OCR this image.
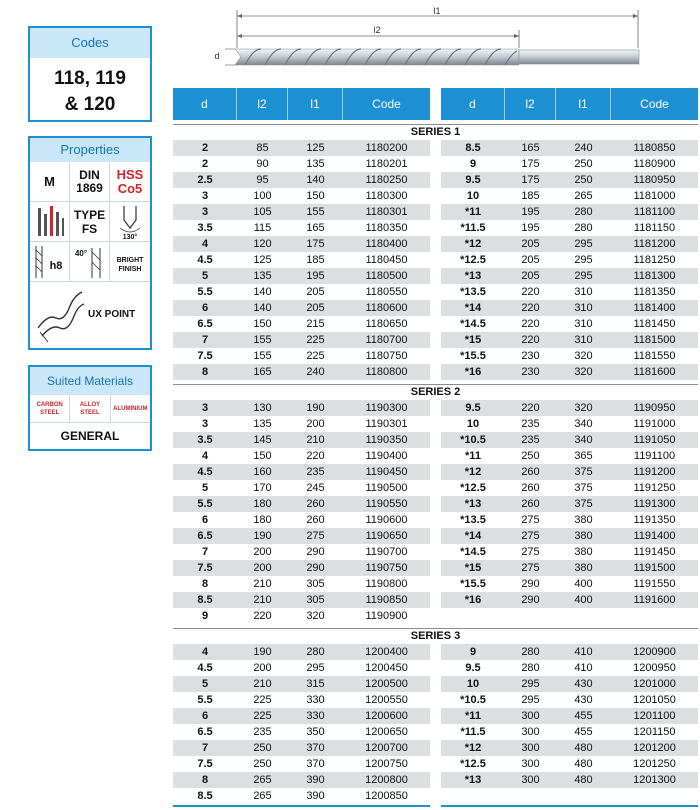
Codes
118, 119
& 120
Properties
M	DIN
1869
HSS
Co5
TYPE
FS
130°
h8
40°
BRIGHT
FINISH
UX POINT
Suited Materials
CARBON
STEEL
ALLOY
STEEL
ALUMINIUM
GENERAL
l1
l2
d
d	l2	l1	Code	d	l2	l1	Code
SERIES 1
SERIES 2
SERIES 3
2	85	125	1180200
2	90	135	1180201
2.5	95	140	1180250
3	100	150	1180300
3	105	155	1180301
3.5	115	165	1180350
4	120	175	1180400
4.5	125	185	1180450
5	135	195	1180500
5.5	140	205	1180550
6	140	205	1180600
6.5	150	215	1180650
7	155	225	1180700
7.5	155	225	1180750
8	165	240	1180800
8.5	165	240	1180850
9	175	250	1180900
9.5	175	250	1180950
10	185	265	1181000
*11	195	280	1181100
*11.5	195	280	1181150
*12	205	295	1181200
*12.5	205	295	1181250
*13	205	295	1181300
*13.5	220	310	1181350
*14	220	310	1181400
*14.5	220	310	1181450
*15	220	310	1181500
*15.5	230	320	1181550
*16	230	320	1181600
3	130	190	1190300
3	135	200	1190301
3.5	145	210	1190350
4	150	220	1190400
4.5	160	235	1190450
5	170	245	1190500
5.5	180	260	1190550
6	180	260	1190600
6.5	190	275	1190650
7	200	290	1190700
7.5	200	290	1190750
8	210	305	1190800
8.5	210	305	1190850
9	220	320	1190900
9.5	220	320	1190950
10	235	340	1191000
*10.5	235	340	1191050
*11	250	365	1191100
*12	260	375	1191200
*12.5	260	375	1191250
*13	260	375	1191300
*13.5	275	380	1191350
*14	275	380	1191400
*14.5	275	380	1191450
*15	275	380	1191500
*15.5	290	400	1191550
*16	290	400	1191600
4	190	280	1200400
4.5	200	295	1200450
5	210	315	1200500
5.5	225	330	1200550
6	225	330	1200600
6.5	235	350	1200650
7	250	370	1200700
7.5	250	370	1200750
8	265	390	1200800
8.5	265	390	1200850
9	280	410	1200900
9.5	280	410	1200950
10	295	430	1201000
*10.5	295	430	1201050
*11	300	455	1201100
*11.5	300	455	1201150
*12	300	480	1201200
*12.5	300	480	1201250
*13	300	480	1201300
